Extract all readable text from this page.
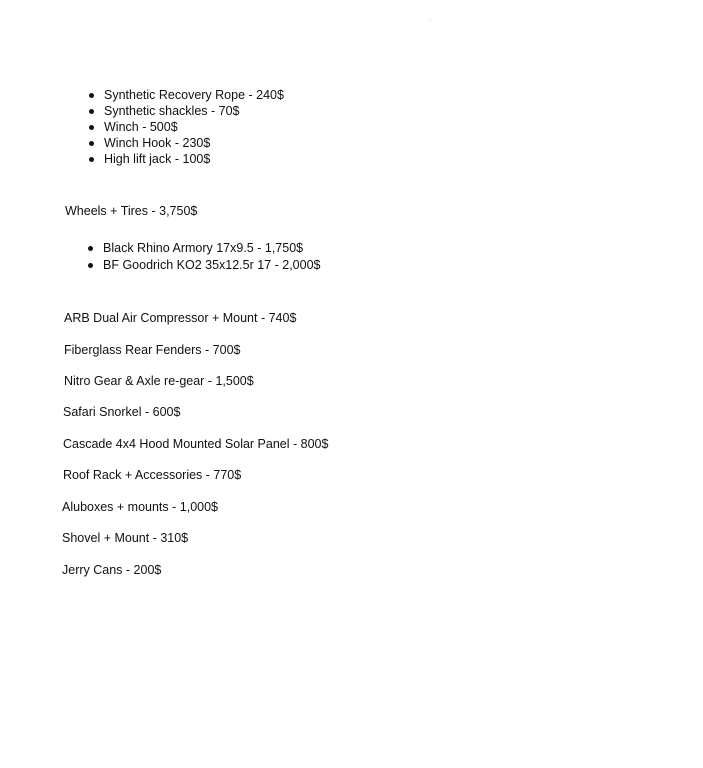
Synthetic Recovery Rope - 240$
Synthetic shackles - 70$
Winch - 500$
Winch Hook - 230$
High lift jack - 100$
Wheels + Tires - 3,750$
Black Rhino Armory 17x9.5 - 1,750$
BF Goodrich KO2 35x12.5r 17 - 2,000$
ARB Dual Air Compressor + Mount - 740$
Fiberglass Rear Fenders - 700$
Nitro Gear & Axle re-gear - 1,500$
Safari Snorkel - 600$
Cascade 4x4 Hood Mounted Solar Panel - 800$
Roof Rack + Accessories - 770$
Aluboxes + mounts - 1,000$
Shovel + Mount - 310$
Jerry Cans - 200$
